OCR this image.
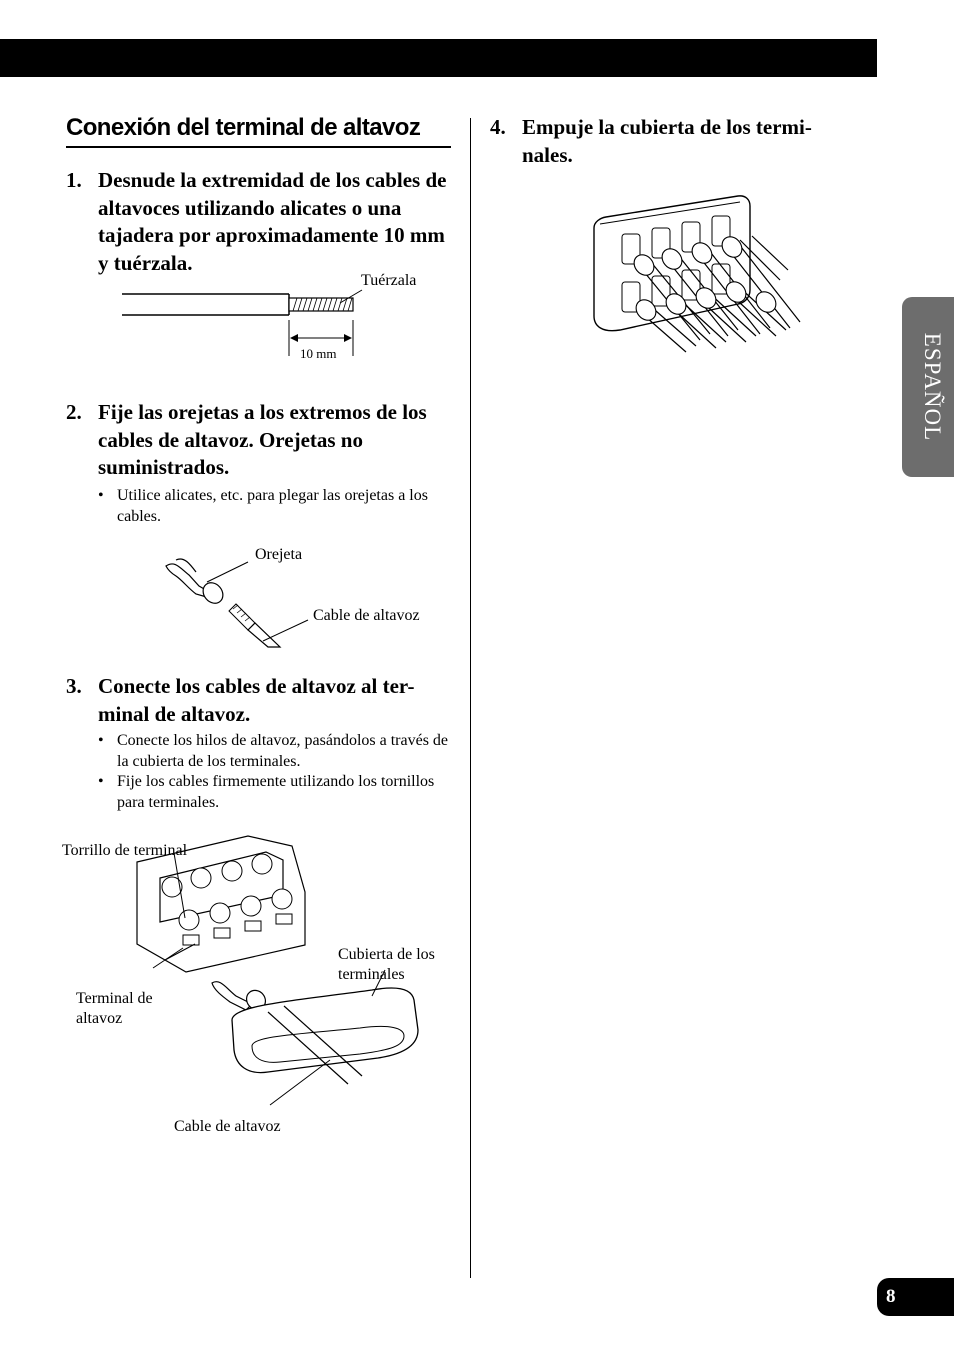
ESPAÑOL
Conexión del terminal de altavoz
1. Desnude la extremidad de los cables de altavoces utilizando alicates o una tajadera por aproximadamente 10 mm y tuérzala.
Tuérzala
10 mm
2. Fije las orejetas a los extremos de los cables de altavoz. Orejetas no suministrados.
• Utilice alicates, etc. para plegar las orejetas a los cables.
Orejeta
Cable de altavoz
3. Conecte los cables de altavoz al ter- minal de altavoz.
• Conecte los hilos de altavoz, pasándolos a través de la cubierta de los terminales.
• Fije los cables firmemente utilizando los tornillos para terminales.
Torrillo de terminal
Cubierta de los terminales
Terminal de altavoz
Cable de altavoz
4. Empuje la cubierta de los termi- nales.
8
